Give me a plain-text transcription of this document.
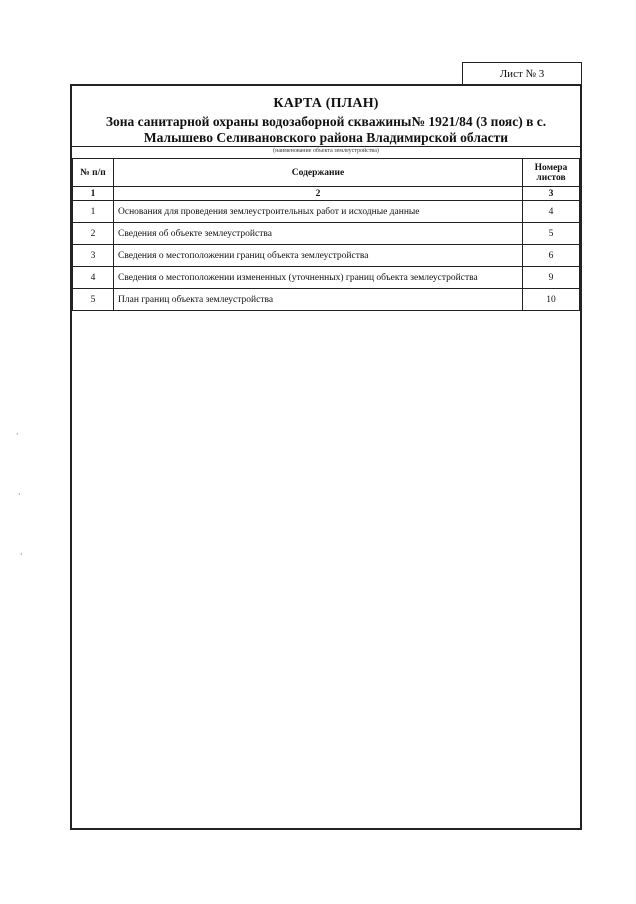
Лист № 3
КАРТА (ПЛАН)
Зона санитарной охраны водозаборной скважины№ 1921/84 (3 пояс) в с.
Малышево Селивановского района Владимирской области
(наименование объекта землеустройства)
№ п/п	Содержание	Номера листов
1	2	3
1	Основания для проведения землеустроительных работ и исходные данные	4
2	Сведения об объекте землеустройства	5
3	Сведения о местоположении границ объекта землеустройства	6
4	Сведения о местоположении измененных (уточненных) границ объекта землеустройства	9
5	План границ объекта землеустройства	10
·
·
·
